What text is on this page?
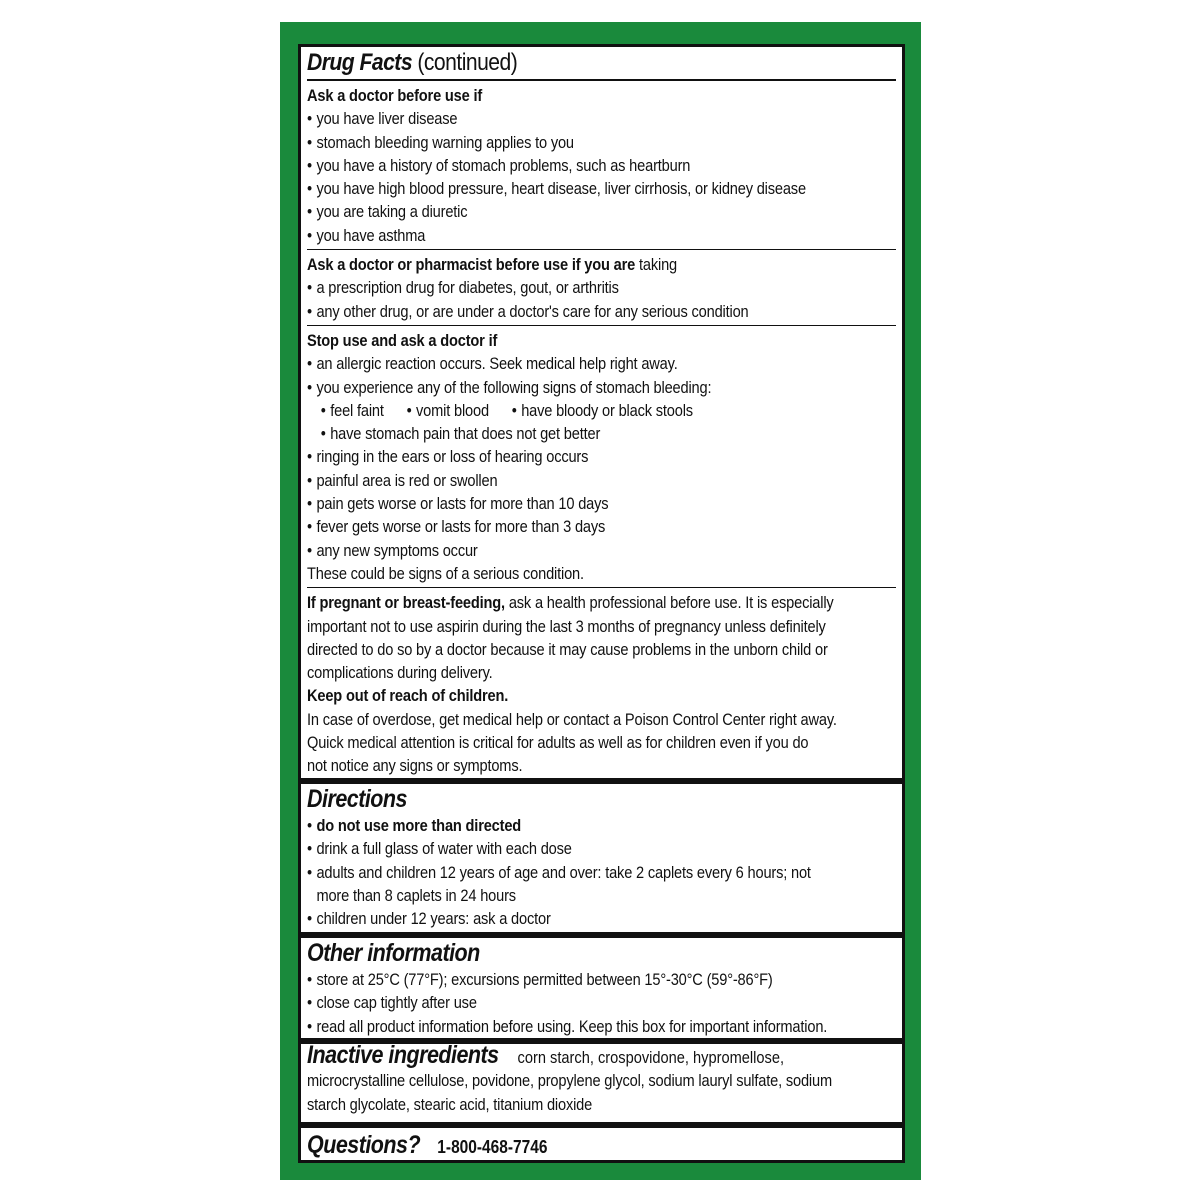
Drug Facts (continued)
Ask a doctor before use if
• you have liver disease
• stomach bleeding warning applies to you
• you have a history of stomach problems, such as heartburn
• you have high blood pressure, heart disease, liver cirrhosis, or kidney disease
• you are taking a diuretic
• you have asthma
Ask a doctor or pharmacist before use if you are taking
• a prescription drug for diabetes, gout, or arthritis
• any other drug, or are under a doctor's care for any serious condition
Stop use and ask a doctor if
• an allergic reaction occurs. Seek medical help right away.
• you experience any of the following signs of stomach bleeding:
• feel faint • vomit blood • have bloody or black stools
• have stomach pain that does not get better
• ringing in the ears or loss of hearing occurs
• painful area is red or swollen
• pain gets worse or lasts for more than 10 days
• fever gets worse or lasts for more than 3 days
• any new symptoms occur
These could be signs of a serious condition.
If pregnant or breast-feeding, ask a health professional before use. It is especially
important not to use aspirin during the last 3 months of pregnancy unless definitely
directed to do so by a doctor because it may cause problems in the unborn child or
complications during delivery.
Keep out of reach of children.
In case of overdose, get medical help or contact a Poison Control Center right away.
Quick medical attention is critical for adults as well as for children even if you do
not notice any signs or symptoms.
Directions
• do not use more than directed
• drink a full glass of water with each dose
• adults and children 12 years of age and over: take 2 caplets every 6 hours; not
more than 8 caplets in 24 hours
• children under 12 years: ask a doctor
Other information
• store at 25°C (77°F); excursions permitted between 15°-30°C (59°-86°F)
• close cap tightly after use
• read all product information before using. Keep this box for important information.
Inactive ingredients corn starch, crospovidone, hypromellose,
microcrystalline cellulose, povidone, propylene glycol, sodium lauryl sulfate, sodium
starch glycolate, stearic acid, titanium dioxide
Questions? 1-800-468-7746
